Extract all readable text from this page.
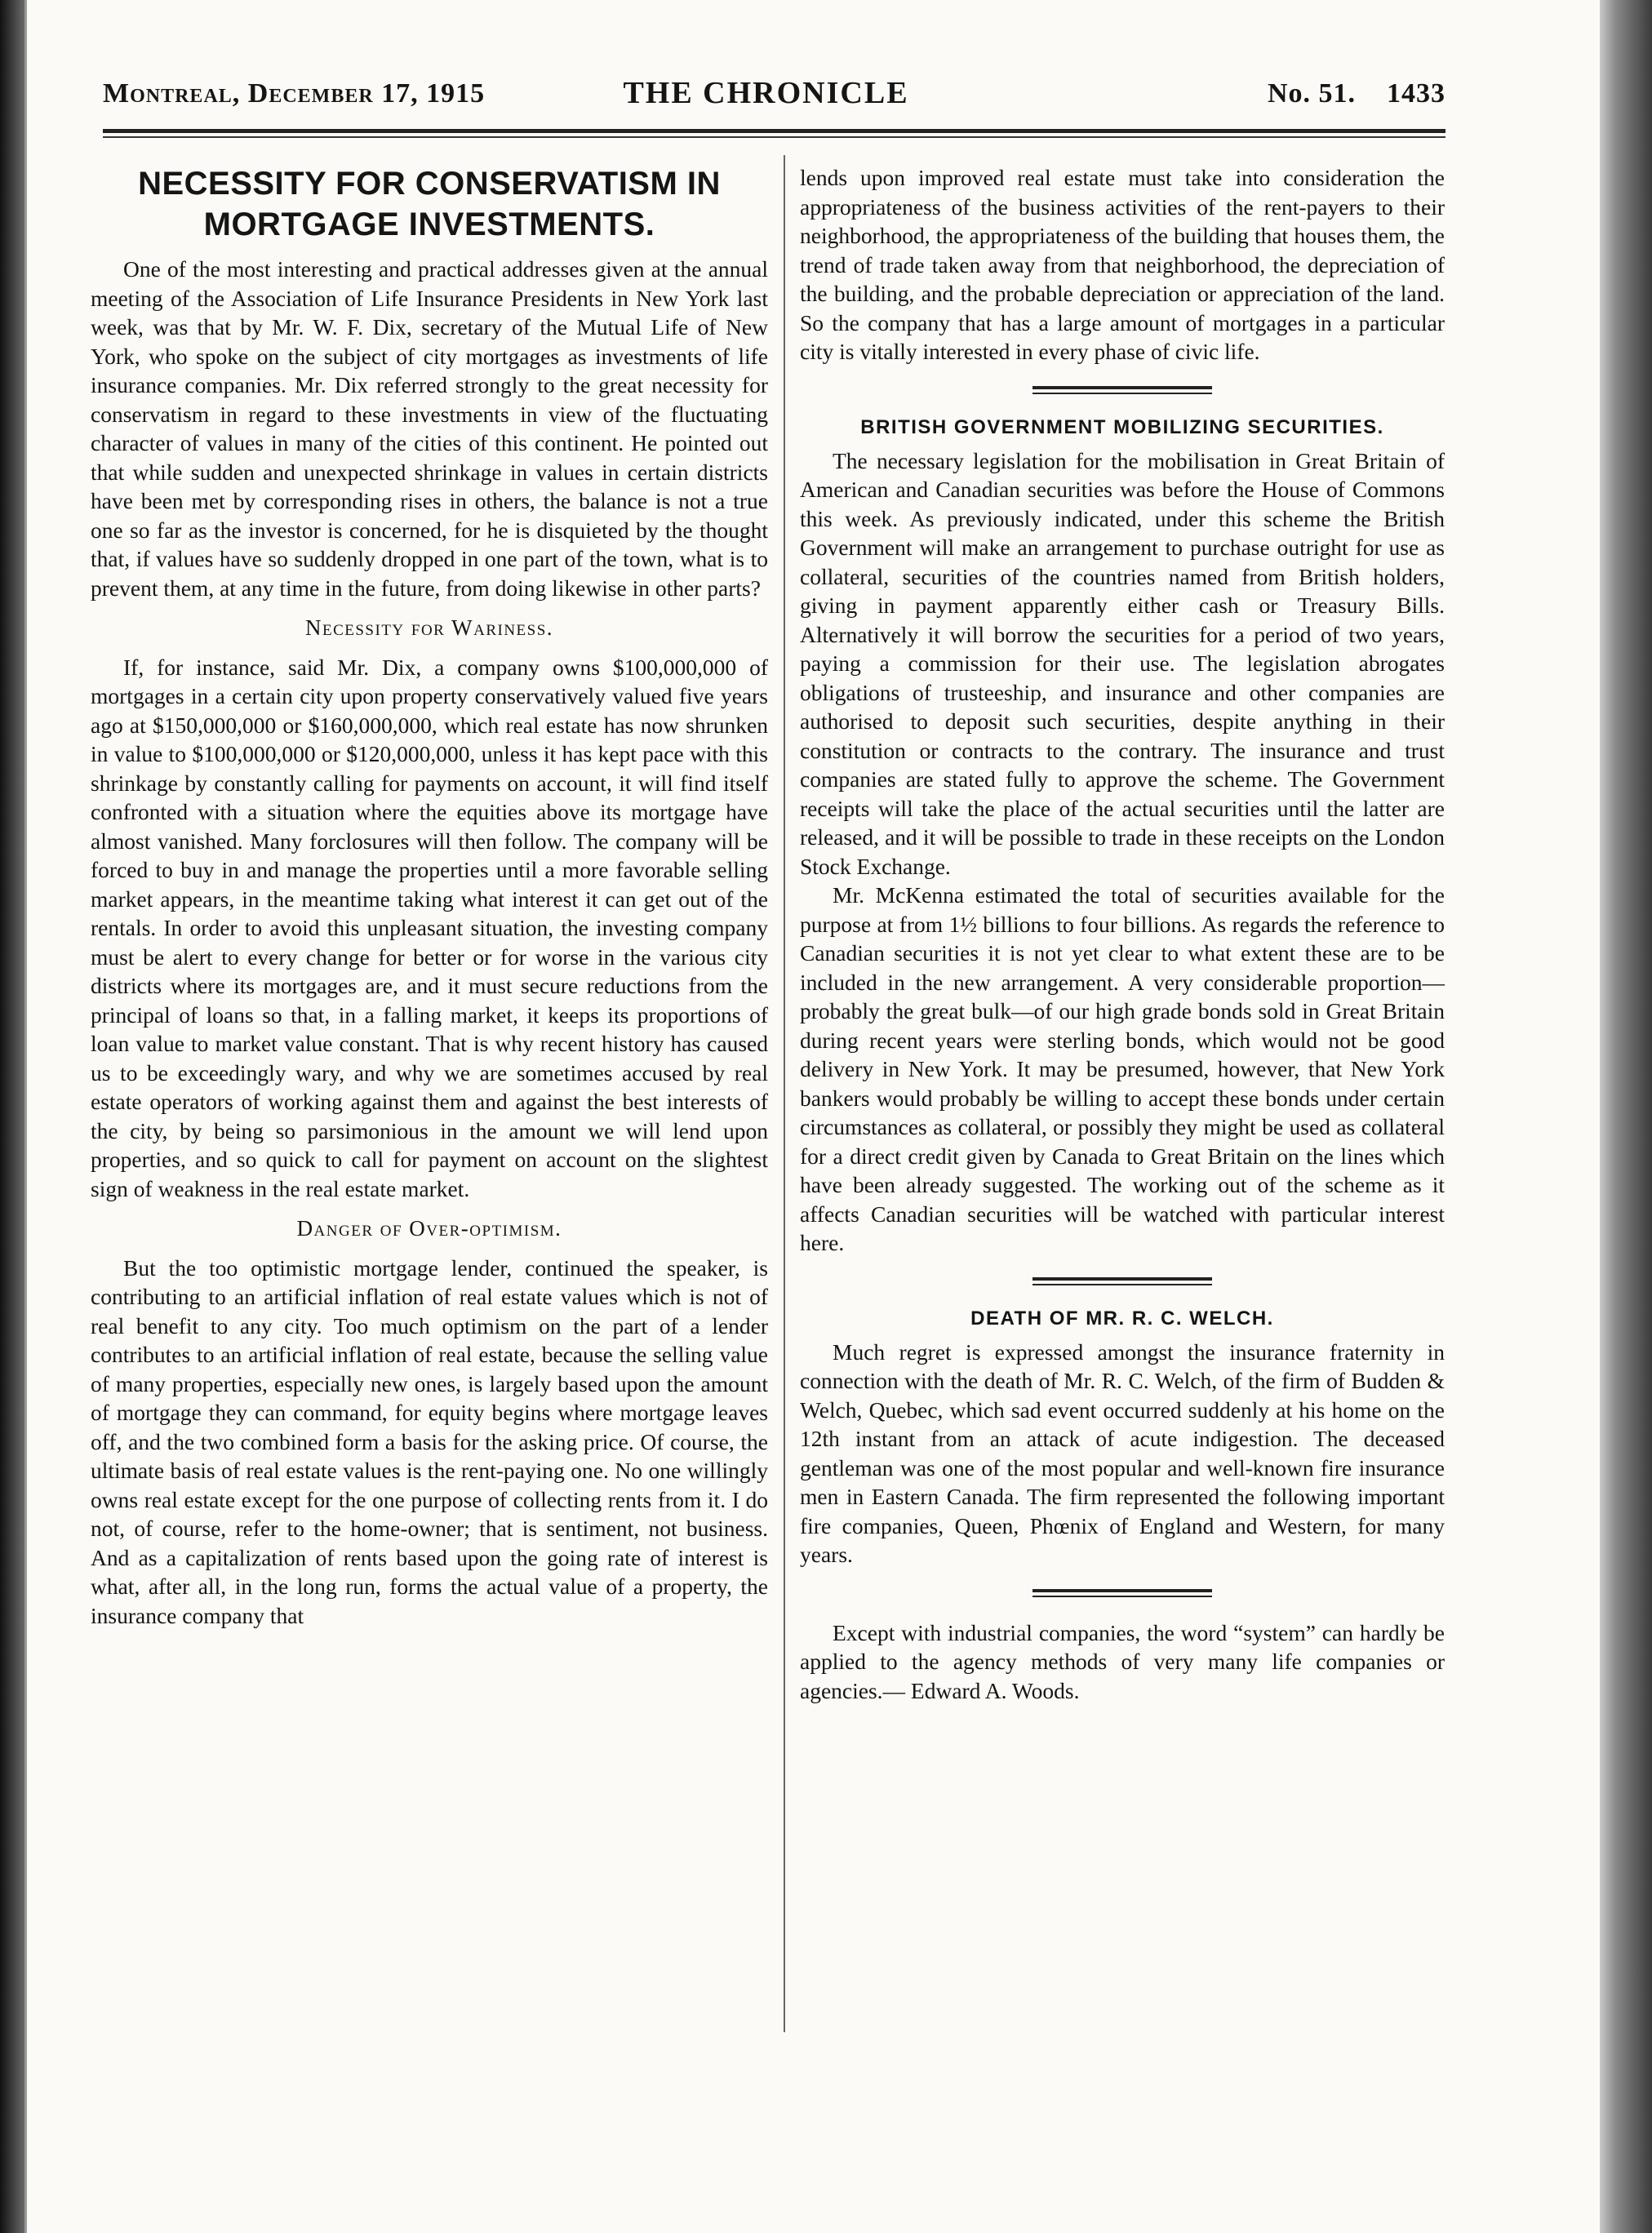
Montreal, December 17, 1915	THE CHRONICLE	No. 51. 1433
NECESSITY FOR CONSERVATISM IN MORTGAGE INVESTMENTS.

One of the most interesting and practical addresses given at the annual meeting of the Association of Life Insurance Presidents in New York last week, was that by Mr. W. F. Dix, secretary of the Mutual Life of New York, who spoke on the subject of city mortgages as investments of life insurance companies. Mr. Dix referred strongly to the great necessity for conservatism in regard to these investments in view of the fluctuating character of values in many of the cities of this continent. He pointed out that while sudden and unexpected shrinkage in values in certain districts have been met by corresponding rises in others, the balance is not a true one so far as the investor is concerned, for he is disquieted by the thought that, if values have so suddenly dropped in one part of the town, what is to prevent them, at any time in the future, from doing likewise in other parts?

Necessity for Wariness.

If, for instance, said Mr. Dix, a company owns $100,000,000 of mortgages in a certain city upon property conservatively valued five years ago at $150,000,000 or $160,000,000, which real estate has now shrunken in value to $100,000,000 or $120,000,000, unless it has kept pace with this shrinkage by constantly calling for payments on account, it will find itself confronted with a situation where the equities above its mortgage have almost vanished. Many forclosures will then follow. The company will be forced to buy in and manage the properties until a more favorable selling market appears, in the meantime taking what interest it can get out of the rentals. In order to avoid this unpleasant situation, the investing company must be alert to every change for better or for worse in the various city districts where its mortgages are, and it must secure reductions from the principal of loans so that, in a falling market, it keeps its proportions of loan value to market value constant. That is why recent history has caused us to be exceedingly wary, and why we are sometimes accused by real estate operators of working against them and against the best interests of the city, by being so parsimonious in the amount we will lend upon properties, and so quick to call for payment on account on the slightest sign of weakness in the real estate market.

Danger of Over-optimism.

But the too optimistic mortgage lender, continued the speaker, is contributing to an artificial inflation of real estate values which is not of real benefit to any city. Too much optimism on the part of a lender contributes to an artificial inflation of real estate, because the selling value of many properties, especially new ones, is largely based upon the amount of mortgage they can command, for equity begins where mortgage leaves off, and the two combined form a basis for the asking price. Of course, the ultimate basis of real estate values is the rent-paying one. No one willingly owns real estate except for the one purpose of collecting rents from it. I do not, of course, refer to the home-owner; that is sentiment, not business. And as a capitalization of rents based upon the going rate of interest is what, after all, in the long run, forms the actual value of a property, the insurance company that

lends upon improved real estate must take into consideration the appropriateness of the business activities of the rent-payers to their neighborhood, the appropriateness of the building that houses them, the trend of trade taken away from that neighborhood, the depreciation of the building, and the probable depreciation or appreciation of the land. So the company that has a large amount of mortgages in a particular city is vitally interested in every phase of civic life.

BRITISH GOVERNMENT MOBILIZING SECURITIES.

The necessary legislation for the mobilisation in Great Britain of American and Canadian securities was before the House of Commons this week. As previously indicated, under this scheme the British Government will make an arrangement to purchase outright for use as collateral, securities of the countries named from British holders, giving in payment apparently either cash or Treasury Bills. Alternatively it will borrow the securities for a period of two years, paying a commission for their use. The legislation abrogates obligations of trusteeship, and insurance and other companies are authorised to deposit such securities, despite anything in their constitution or contracts to the contrary. The insurance and trust companies are stated fully to approve the scheme. The Government receipts will take the place of the actual securities until the latter are released, and it will be possible to trade in these receipts on the London Stock Exchange.

Mr. McKenna estimated the total of securities available for the purpose at from 1½ billions to four billions. As regards the reference to Canadian securities it is not yet clear to what extent these are to be included in the new arrangement. A very considerable proportion—probably the great bulk—of our high grade bonds sold in Great Britain during recent years were sterling bonds, which would not be good delivery in New York. It may be presumed, however, that New York bankers would probably be willing to accept these bonds under certain circumstances as collateral, or possibly they might be used as collateral for a direct credit given by Canada to Great Britain on the lines which have been already suggested. The working out of the scheme as it affects Canadian securities will be watched with particular interest here.

DEATH OF MR. R. C. WELCH.

Much regret is expressed amongst the insurance fraternity in connection with the death of Mr. R. C. Welch, of the firm of Budden & Welch, Quebec, which sad event occurred suddenly at his home on the 12th instant from an attack of acute indigestion. The deceased gentleman was one of the most popular and well-known fire insurance men in Eastern Canada. The firm represented the following important fire companies, Queen, Phœnix of England and Western, for many years.

Except with industrial companies, the word “system” can hardly be applied to the agency methods of very many life companies or agencies.— Edward A. Woods.
